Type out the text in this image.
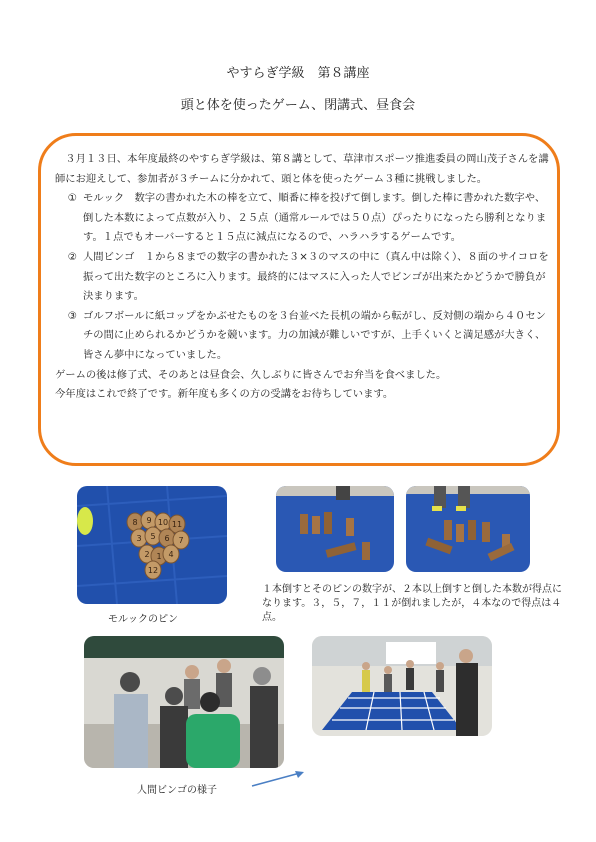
やすらぎ学級　第８講座
頭と体を使ったゲーム、閉講式、昼食会

３月１３日、本年度最終のやすらぎ学級は、第８講として、草津市スポーツ推進委員の岡山茂子さんを講師にお迎えして、参加者が３チームに分かれて、頭と体を使ったゲーム３種に挑戦しました。

① モルック　数字の書かれた木の棒を立て、順番に棒を投げて倒します。倒した棒に書かれた数字や、倒した本数によって点数が入り、２５点（通常ルールでは５０点）ぴったりになったら勝利となります。１点でもオーバーすると１５点に減点になるので、ハラハラするゲームです。
② 人間ビンゴ　１から８までの数字の書かれた３×３のマスの中に（真ん中は除く）、８面のサイコロを振って出た数字のところに入ります。最終的にはマスに入った人でビンゴが出来たかどうかで勝負が決まります。
③ ゴルフボールに紙コップをかぶせたものを３台並べた長机の端から転がし、反対側の端から４０センチの間に止められるかどうかを競います。力の加減が難しいですが、上手くいくと満足感が大きく、皆さん夢中になっていました。

ゲームの後は修了式、そのあとは昼食会、久しぶりに皆さんでお弁当を食べました。

今年度はこれで終了です。新年度も多くの方の受講をお待ちしています。

8 9 10 11
3 5 6 7
2 1 4
12
モルックのピン
１本倒すとそのピンの数字が、２本以上倒すと倒した本数が得点になります。３，５，７，１１が倒れましたが，４本なので得点は４点。
人間ビンゴの様子
